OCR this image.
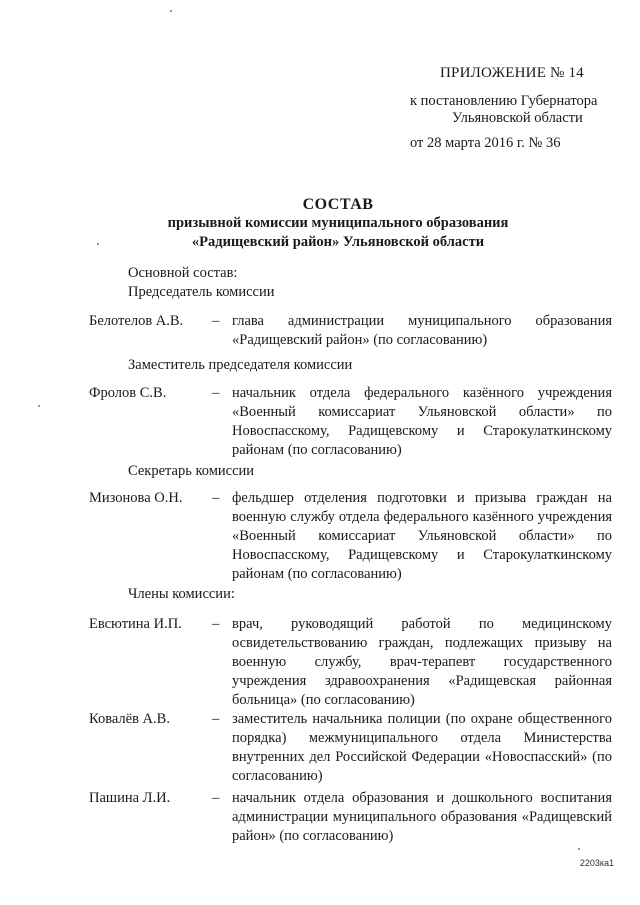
ПРИЛОЖЕНИЕ № 14
к постановлению Губернатора
Ульяновской области
от 28 марта 2016 г. № 36
СОСТАВ
призывной комиссии муниципального образования
«Радищевский район» Ульяновской области
Основной состав:
Председатель комиссии
Белотелов А.В. – глава администрации муниципального образования «Радищевский район» (по согласованию)
Заместитель председателя комиссии
Фролов С.В.	– начальник отдела федерального казённого учреждения «Военный комиссариат Ульяновской области» по Новоспасскому, Радищевскому и Старокулаткинскому районам (по согласованию)
Секретарь комиссии
Мизонова О.Н. – фельдшер отделения подготовки и призыва граждан на военную службу отдела федерального казённого учреждения «Военный комиссариат Ульяновской области» по Новоспасскому, Радищевскому и Старокулаткинскому районам (по согласованию)
Члены комиссии:
Евсютина И.П. – врач, руководящий работой по медицинскому освидетельствованию граждан, подлежащих призыву на военную службу, врач-терапевт государственного учреждения здравоохранения «Радищевская районная больница» (по согласованию)
Ковалёв А.В.	– заместитель начальника полиции (по охране общественного порядка) межмуниципального отдела Министерства внутренних дел Российской Федерации «Новоспасский» (по согласованию)
Пашина Л.И.	– начальник отдела образования и дошкольного воспитания администрации муниципального образования «Радищевский район» (по согласованию)
2203ка1
